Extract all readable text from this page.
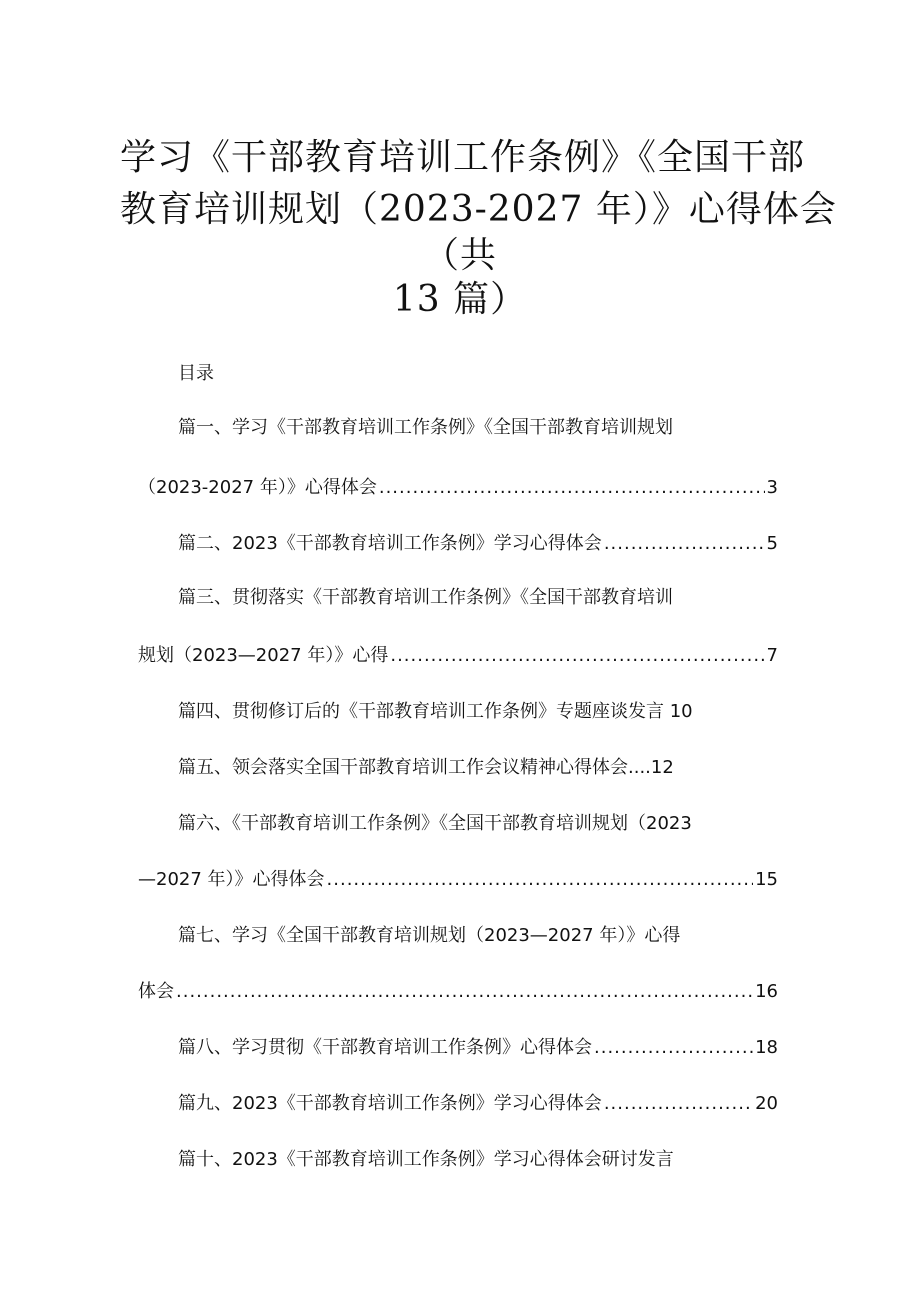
学习《干部教育培训工作条例》《全国干部
教育培训规划（2023-2027 年）》心得体会
（共
13 篇）
目录
篇一、学习《干部教育培训工作条例》《全国干部教育培训规划
（2023-2027 年）》心得体会 .....	3
篇二、2023《干部教育培训工作条例》学习心得体会 .....	5
篇三、贯彻落实《干部教育培训工作条例》《全国干部教育培训
规划（2023—2027 年）》心得 .....	7
篇四、贯彻修订后的《干部教育培训工作条例》专题座谈发言 10
篇五、领会落实全国干部教育培训工作会议精神心得体会....12
篇六、《干部教育培训工作条例》《全国干部教育培训规划（2023
—2027 年）》心得体会 .....	15
篇七、学习《全国干部教育培训规划（2023—2027 年）》心得
体会 .....	16
篇八、学习贯彻《干部教育培训工作条例》心得体会 .....	18
篇九、2023《干部教育培训工作条例》学习心得体会 .....	20
篇十、2023《干部教育培训工作条例》学习心得体会研讨发言
